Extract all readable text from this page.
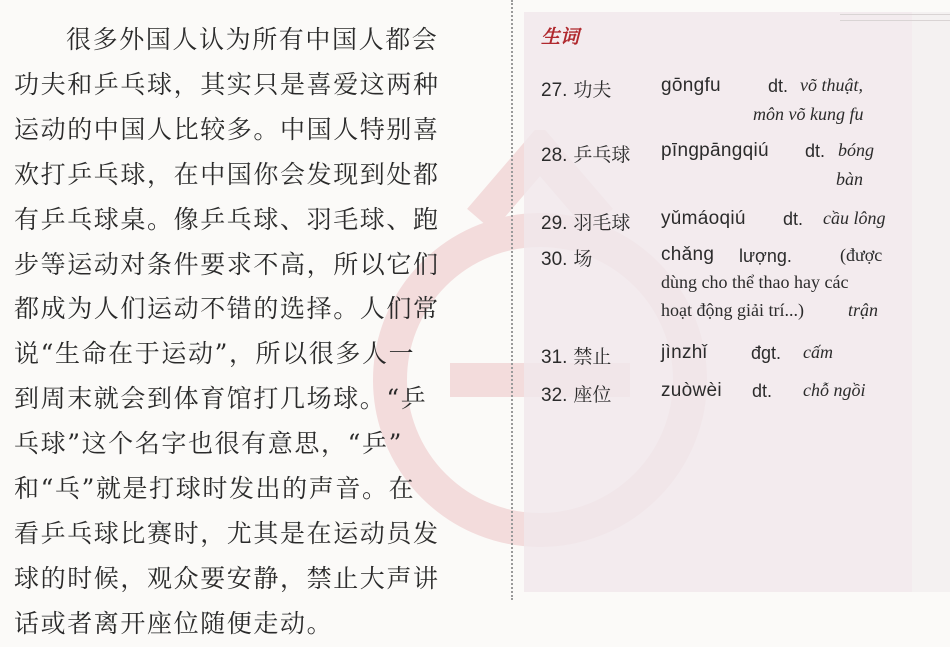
很多外国人认为所有中国人都会
功夫和乒乓球，其实只是喜爱这两种
运动的中国人比较多。中国人特别喜
欢打乒乓球，在中国你会发现到处都
有乒乓球桌。像乒乓球、羽毛球、跑
步等运动对条件要求不高，所以它们
都成为人们运动不错的选择。人们常
说“生命在于运动”，所以很多人一
到周末就会到体育馆打几场球。“乒
乓球”这个名字也很有意思，“乒”
和“乓”就是打球时发出的声音。在
看乒乓球比赛时，尤其是在运动员发
球的时候，观众要安静，禁止大声讲
话或者离开座位随便走动。
生词
27. 功夫	gōngfu	dt. võ thuật,
môn võ kung fu
28. 乒乓球 pīngpāngqiú dt. bóng
bàn
29. 羽毛球 yǔmáoqiú dt. cầu lông
30. 场	chǎng lượng.	(được
dùng cho thể thao hay các
hoạt động giải trí...) trận
31. 禁止	jìnzhǐ đgt. cấm
32. 座位	zuòwèi dt. chỗ ngồi
